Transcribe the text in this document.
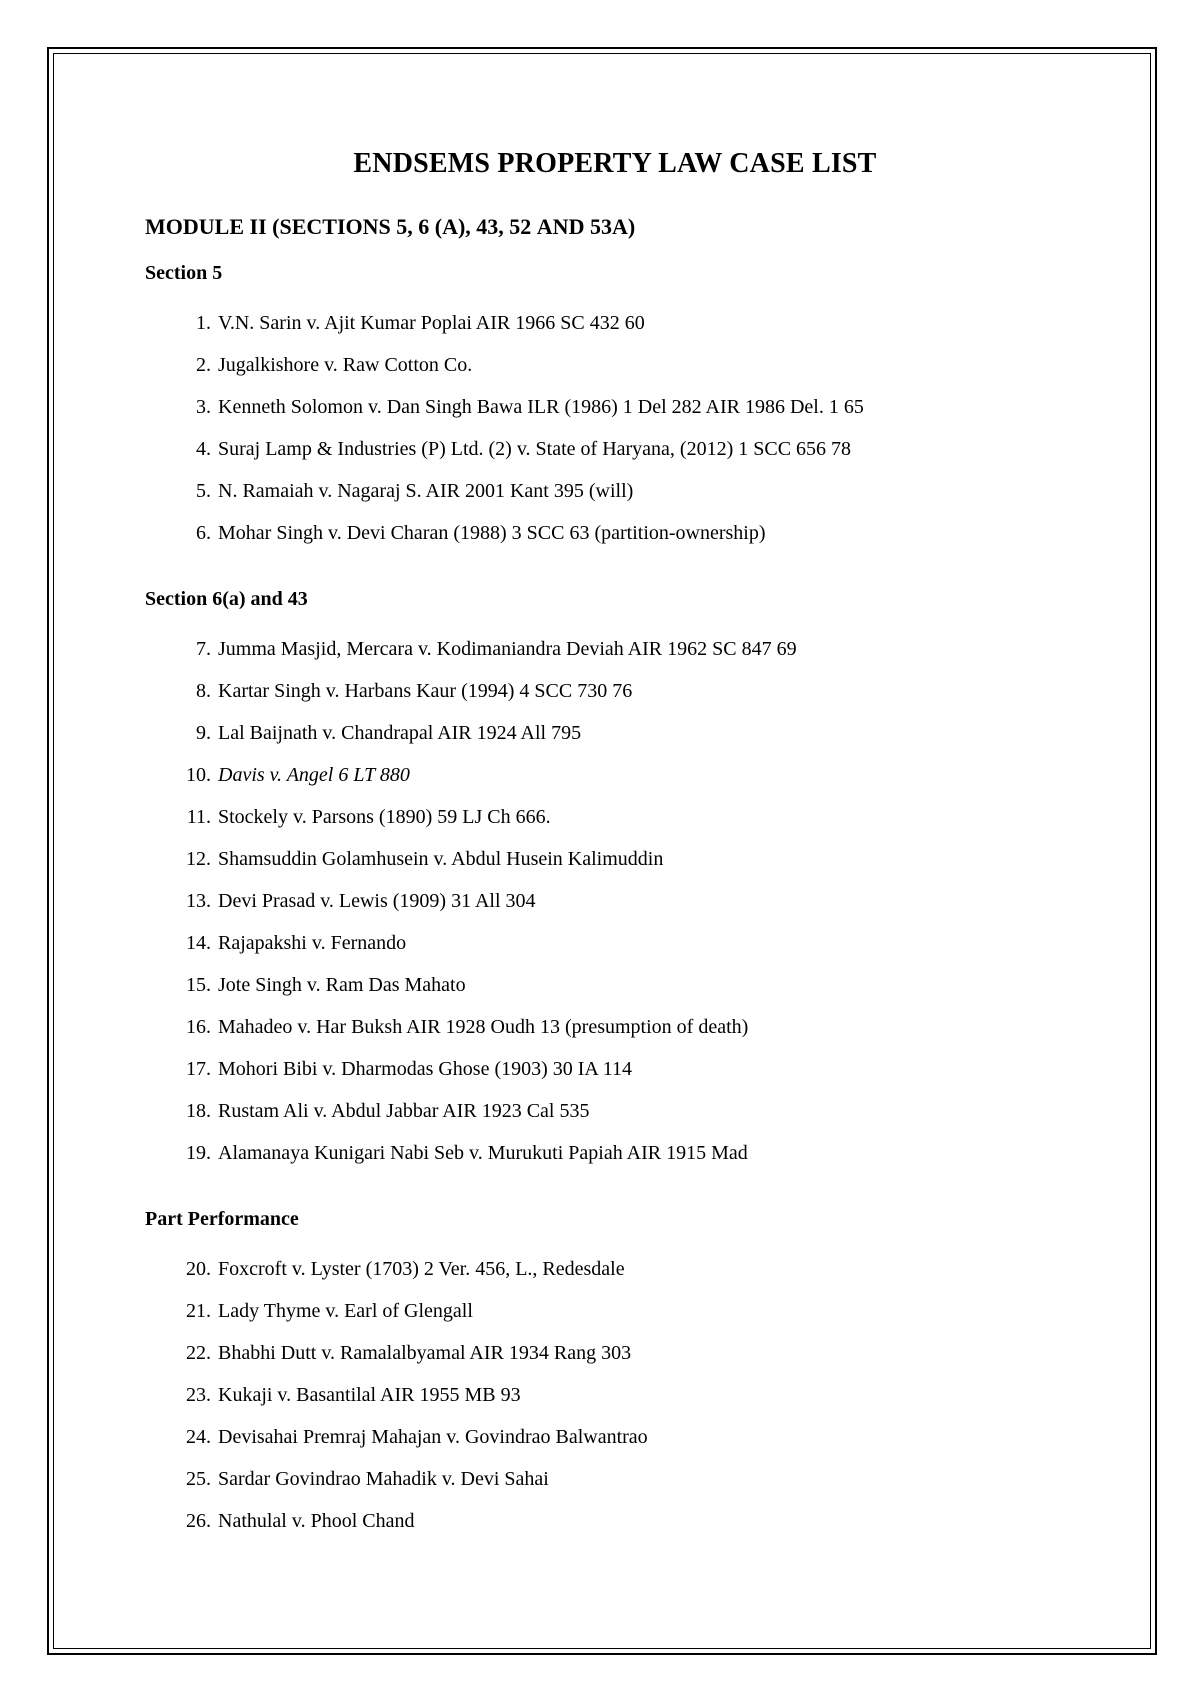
ENDSEMS PROPERTY LAW CASE LIST
MODULE II (SECTIONS 5, 6 (A), 43, 52 AND 53A)
Section 5
1. V.N. Sarin v. Ajit Kumar Poplai AIR 1966 SC 432 60
2. Jugalkishore v. Raw Cotton Co.
3. Kenneth Solomon v. Dan Singh Bawa ILR (1986) 1 Del 282 AIR 1986 Del. 1 65
4. Suraj Lamp & Industries (P) Ltd. (2) v. State of Haryana, (2012) 1 SCC 656 78
5. N. Ramaiah v. Nagaraj S. AIR 2001 Kant 395 (will)
6. Mohar Singh v. Devi Charan (1988) 3 SCC 63 (partition-ownership)
Section 6(a) and 43
7. Jumma Masjid, Mercara v. Kodimaniandra Deviah AIR 1962 SC 847 69
8. Kartar Singh v. Harbans Kaur (1994) 4 SCC 730 76
9. Lal Baijnath v. Chandrapal AIR 1924 All 795
10. Davis v. Angel 6 LT 880
11. Stockely v. Parsons (1890) 59 LJ Ch 666.
12. Shamsuddin Golamhusein v. Abdul Husein Kalimuddin
13. Devi Prasad v. Lewis (1909) 31 All 304
14. Rajapakshi v. Fernando
15. Jote Singh v. Ram Das Mahato
16. Mahadeo v. Har Buksh AIR 1928 Oudh 13 (presumption of death)
17. Mohori Bibi v. Dharmodas Ghose (1903) 30 IA 114
18. Rustam Ali v. Abdul Jabbar AIR 1923 Cal 535
19. Alamanaya Kunigari Nabi Seb v. Murukuti Papiah AIR 1915 Mad
Part Performance
20. Foxcroft v. Lyster (1703) 2 Ver. 456, L., Redesdale
21. Lady Thyme v. Earl of Glengall
22. Bhabhi Dutt v. Ramalalbyamal AIR 1934 Rang 303
23. Kukaji v. Basantilal AIR 1955 MB 93
24. Devisahai Premraj Mahajan v. Govindrao Balwantrao
25. Sardar Govindrao Mahadik v. Devi Sahai
26. Nathulal v. Phool Chand
